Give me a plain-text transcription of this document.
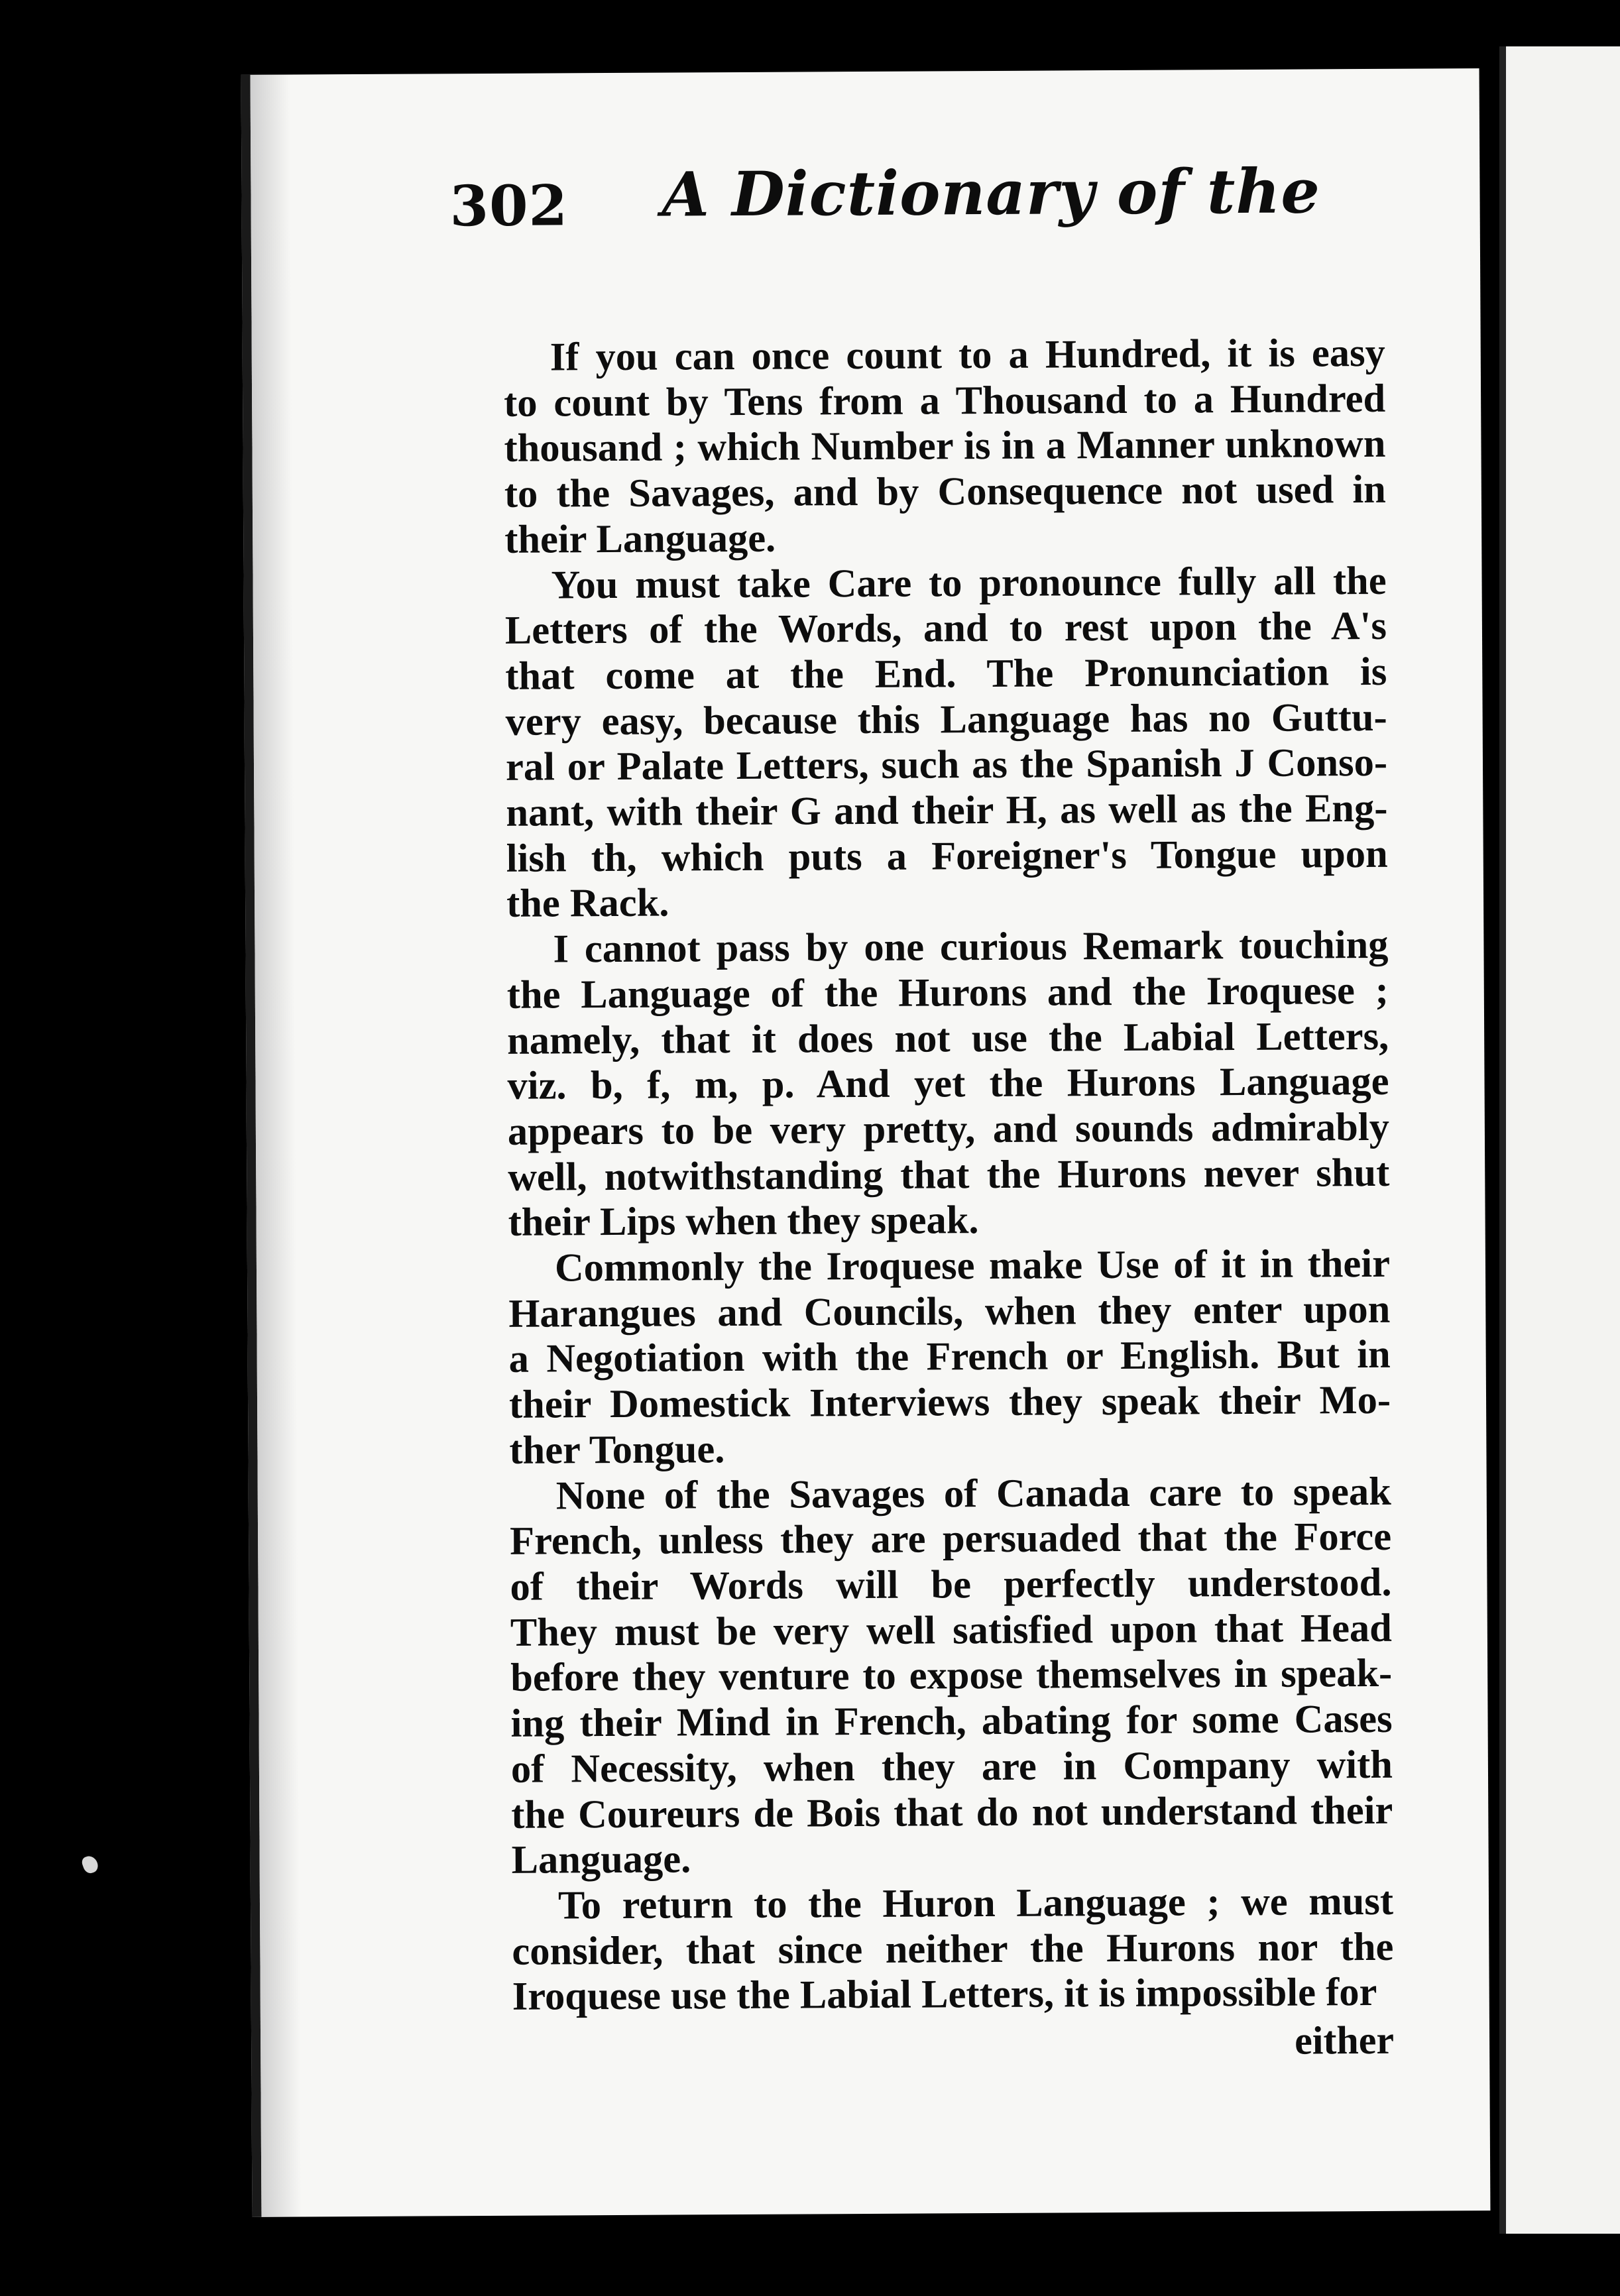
302 A Dictionary of the
If you can once count to a Hundred, it is easy
to count by Tens from a Thousand to a Hundred
thousand ; which Number is in a Manner unknown
to the Savages, and by Consequence not used in
their Language.
You must take Care to pronounce fully all the
Letters of the Words, and to rest upon the A's
that come at the End. The Pronunciation is
very easy, because this Language has no Guttu-
ral or Palate Letters, such as the Spanish J Conso-
nant, with their G and their H, as well as the Eng-
lish th, which puts a Foreigner's Tongue upon
the Rack.
I cannot pass by one curious Remark touching
the Language of the Hurons and the Iroquese ;
namely, that it does not use the Labial Letters,
viz. b, f, m, p. And yet the Hurons Language
appears to be very pretty, and sounds admirably
well, notwithstanding that the Hurons never shut
their Lips when they speak.
Commonly the Iroquese make Use of it in their
Harangues and Councils, when they enter upon
a Negotiation with the French or English. But in
their Domestick Interviews they speak their Mo-
ther Tongue.
None of the Savages of Canada care to speak
French, unless they are persuaded that the Force
of their Words will be perfectly understood.
They must be very well satisfied upon that Head
before they venture to expose themselves in speak-
ing their Mind in French, abating for some Cases
of Necessity, when they are in Company with
the Coureurs de Bois that do not understand their
Language.
To return to the Huron Language ; we must
consider, that since neither the Hurons nor the
Iroquese use the Labial Letters, it is impossible for
either
